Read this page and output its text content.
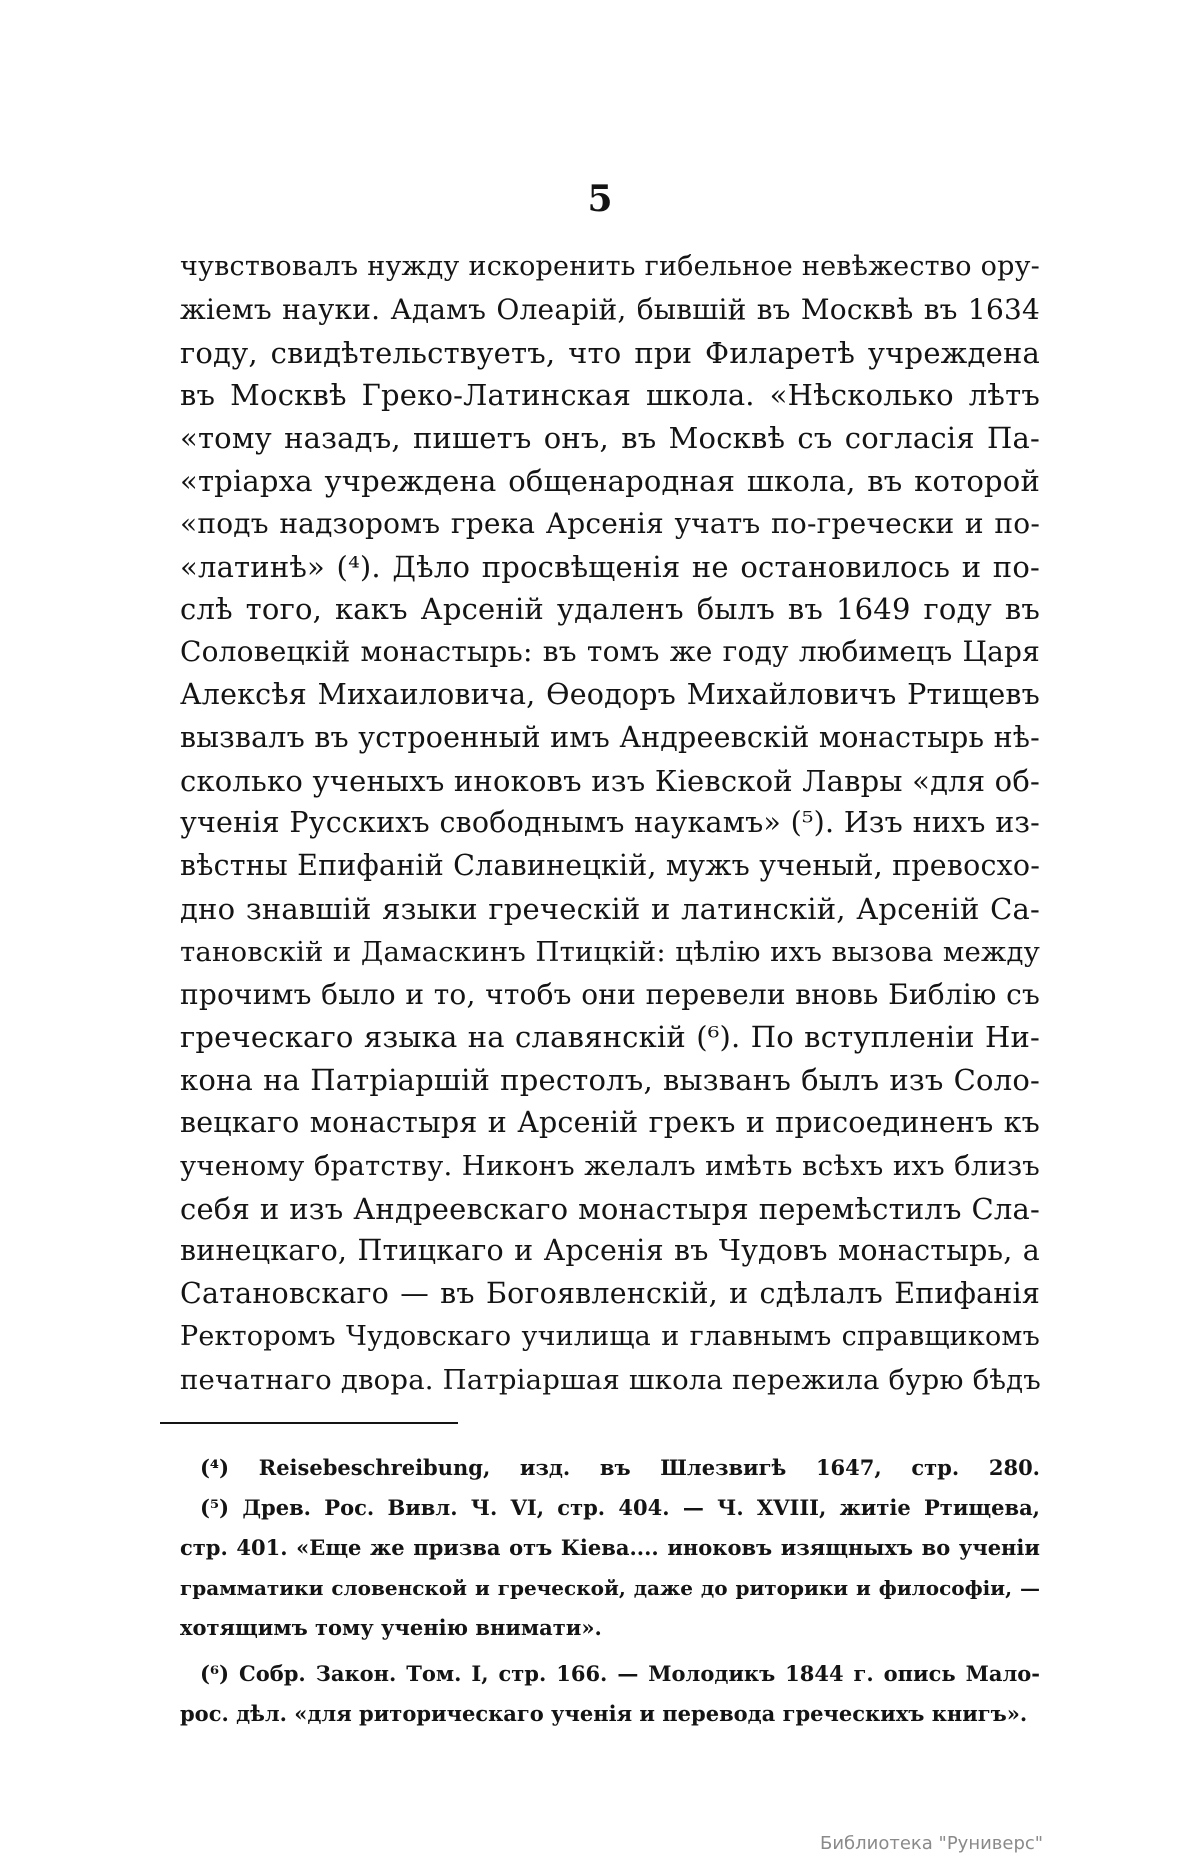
5
чувствовалъ нужду искоренить гибельное невѣжество ору-
жіемъ науки. Адамъ Олеарій, бывшій въ Москвѣ въ 1634
году, свидѣтельствуетъ, что при Филаретѣ учреждена
въ Москвѣ Греко-Латинская школа. «Нѣсколько лѣтъ
«тому назадъ, пишетъ онъ, въ Москвѣ съ согласія Па-
«тріарха учреждена общенародная школа, въ которой
«подъ надзоромъ грека Арсенія учатъ по-гречески и по-
«латинѣ» (⁴). Дѣло просвѣщенія не остановилось и по-
слѣ того, какъ Арсеній удаленъ былъ въ 1649 году въ
Соловецкій монастырь: въ томъ же году любимецъ Царя
Алексѣя Михаиловича, Ѳеодоръ Михайловичъ Ртищевъ
вызвалъ въ устроенный имъ Андреевскій монастырь нѣ-
сколько ученыхъ иноковъ изъ Кіевской Лавры «для об-
ученія Русскихъ свободнымъ наукамъ» (⁵). Изъ нихъ из-
вѣстны Епифаній Славинецкій, мужъ ученый, превосхо-
дно знавшій языки греческій и латинскій, Арсеній Са-
тановскій и Дамаскинъ Птицкій: цѣлію ихъ вызова между
прочимъ было и то, чтобъ они перевели вновь Библію съ
греческаго языка на славянскій (⁶). По вступленіи Ни-
кона на Патріаршій престолъ, вызванъ былъ изъ Соло-
вецкаго монастыря и Арсеній грекъ и присоединенъ къ
ученому братству. Никонъ желалъ имѣть всѣхъ ихъ близъ
себя и изъ Андреевскаго монастыря перемѣстилъ Сла-
винецкаго, Птицкаго и Арсенія въ Чудовъ монастырь, а
Сатановскаго — въ Богоявленскій, и сдѣлалъ Епифанія
Ректоромъ Чудовскаго училища и главнымъ справщикомъ
печатнаго двора. Патріаршая школа пережила бурю бѣдъ
(⁴) Reisebeschreibung, изд. въ Шлезвигѣ 1647, стр. 280.
(⁵) Древ. Рос. Вивл. Ч. VI, стр. 404. — Ч. XVIII, житіе Ртищева,
стр. 401. «Еще же призва отъ Кіева.... иноковъ изящныхъ во ученіи
грамматики словенской и греческой, даже до риторики и философіи, —
хотящимъ тому ученію внимати».
(⁶) Собр. Закон. Том. I, стр. 166. — Молодикъ 1844 г. опись Мало-
рос. дѣл. «для риторическаго ученія и перевода греческихъ книгъ».
Библиотека "Руниверс"
